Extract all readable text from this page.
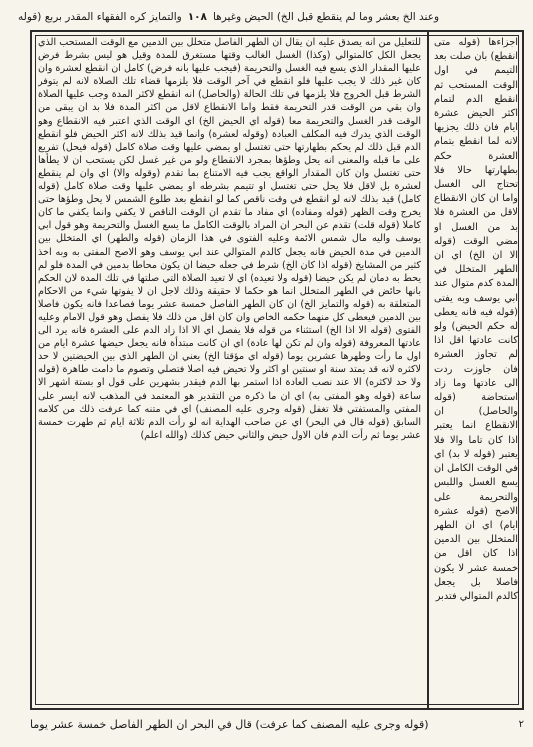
والتمايز كره الفقهاء المقدر بربع (قوله ١٠٨ وعند الخ بعشر وما لم ينقطع قبل الخ) الحيض وغيرها

للتعليل من انه يصدق عليه ان يقال ان الطهر الفاصل متخلل بين الدمين مع الوقت المستحب الذي يجعل الكل كالمتوالي (وكذا) الغسل الغالب وقتها مستغرق للمدة وقيل هو ليس بشرط فرض عليها المقدار الذي يسع فيه الغسل والتحريمة (فيجب عليها بانه فرض) كامل ان انقطع لعشرة وان كان غير ذلك لا يجب عليها فلو انقطع في آخر الوقت فلا يلزمها قضاء تلك الصلاة لانه لم يتوفر الشرط قبل الخروج فلا يلزمها في تلك الحالة (والحاصل) انه انقطع لاكثر المدة وجب عليها الصلاة وان بقي من الوقت قدر التحريمة فقط واما الانقطاع لاقل من اكثر المدة فلا بد ان يبقى من الوقت قدر الغسل والتحريمة معا (قوله اي الحيض الخ) اي الوقت الذي اعتبر فيه الانقطاع وهو الوقت الذي يدرك فيه المكلف العبادة (وقوله لعشرة) وانما قيد بذلك لانه اكثر الحيض فلو انقطع الدم قبل ذلك لم يحكم بطهارتها حتى تغتسل او يمضي عليها وقت صلاة كامل (قوله فيحل) تفريع على ما قبله والمعنى انه يحل وطؤها بمجرد الانقطاع ولو من غير غسل لكن يستحب ان لا يطأها حتى تغتسل وان كان المقدار الواقع يجب فيه الامتناع بما تقدم (وقوله والا) اي وان لم ينقطع لعشرة بل لاقل فلا يحل حتى تغتسل او تتيمم بشرطه او يمضي عليها وقت صلاة كامل (قوله كامل) قيد بذلك لانه لو انقطع في وقت ناقص كما لو انقطع بعد طلوع الشمس لا يحل وطؤها حتى يخرج وقت الظهر (قوله ومفاده) اي مفاد ما تقدم ان الوقت الناقص لا يكفي وانما يكفي ما كان كاملا (قوله قلت) تقدم عن البحر ان المراد بالوقت الكامل ما يسع الغسل والتحريمة وهو قول ابي يوسف واليه مال شمس الائمة وعليه الفتوى في هذا الزمان (قوله والطهر) اي المتخلل بين الدمين في مدة الحيض فانه يجعل كالدم المتوالي عند ابي يوسف وهو الاصح المفتى به وبه اخذ كثير من المشايخ (قوله اذا كان الخ) شرط في جعله حيضا ان يكون محاطا بدمين في المدة فلو لم يحط به دمان لم يكن حيضا (قوله ولا تعيده) اي لا تعيد الصلاة التي صلتها في تلك المدة لان الحكم بانها حائض في الطهر المتخلل انما هو حكما لا حقيقة وذلك لاجل ان لا يفوتها شيء من الاحكام المتعلقة به (قوله والتمايز الخ) ان كان الطهر الفاصل خمسة عشر يوما فصاعدا فانه يكون فاصلا بين الدمين فيعطى كل منهما حكمه الخاص وان كان اقل من ذلك فلا يفصل وهو قول الامام وعليه الفتوى (قوله الا اذا الخ) استثناء من قوله فلا يفصل اي الا اذا زاد الدم على العشرة فانه يرد الى عادتها المعروفة (قوله وان لم تكن لها عادة) اي ان كانت مبتدأة فانه يجعل حيضها عشرة ايام من اول ما رأت وطهرها عشرين يوما (قوله اي مؤقتا الخ) يعني ان الطهر الذي بين الحيضتين لا حد لاكثره لانه قد يمتد سنة او سنتين او اكثر ولا تحيض فيه اصلا فتصلي وتصوم ما دامت طاهرة (قوله ولا حد لاكثره) الا عند نصب العادة اذا استمر بها الدم فيقدر بشهرين على قول او بستة اشهر الا ساعة (قوله وهو المفتى به) اي ان ما ذكره من التقدير هو المعتمد في المذهب لانه ايسر على المفتي والمستفتي فلا تغفل (قوله وجرى عليه المصنف) اي في متنه كما عرفت ذلك من كلامه السابق (قوله قال في البحر) اي عن صاحب الهداية انه لو رأت الدم ثلاثة ايام ثم طهرت خمسة عشر يوما ثم رأت الدم فان الاول حيض والثاني حيض كذلك (والله اعلم)

اجزاءها (قوله متى انقطع) بان صلت بعد التيمم في اول الوقت المستحب ثم انقطع الدم لتمام اكثر الحيض عشرة ايام فان ذلك يجزيها لانه لما انقطع بتمام العشرة حكم بطهارتها حالا فلا تحتاج الى الغسل واما ان كان الانقطاع لاقل من العشرة فلا بد من الغسل او مضي الوقت (قوله الا ان الخ) اي ان الطهر المتخلل في المدة كدم متوال عند ابي يوسف وبه يفتى (قوله فيه فانه يعطى له حكم الحيض) ولو كانت عادتها اقل اذا لم تجاوز العشرة فان جاوزت ردت الى عادتها وما زاد استحاضة (قوله والحاصل) ان الانقطاع انما يعتبر اذا كان تاما والا فلا يعتبر (قوله لا بد) اي في الوقت الكامل ان يسع الغسل واللبس والتحريمة على الاصح (قوله عشرة ايام) اي ان الطهر المتخلل بين الدمين اذا كان اقل من خمسة عشر لا يكون فاصلا بل يجعل كالدم المتوالي فتدبر

(قوله وجرى عليه المصنف كما عرفت) قال في البحر ان الطهر الفاصل خمسة عشر يوما	٢
